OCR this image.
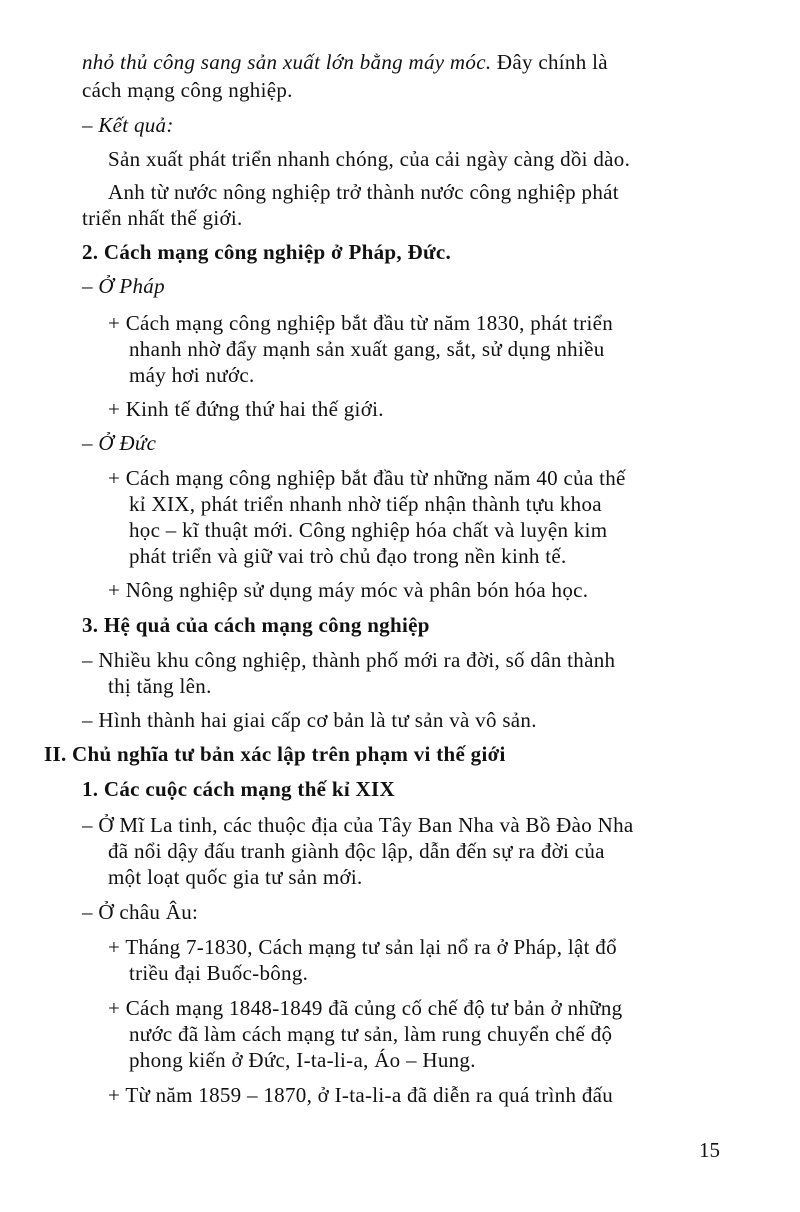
nhỏ thủ công sang sản xuất lớn bằng máy móc. Đây chính là
cách mạng công nghiệp.
– Kết quả:
Sản xuất phát triển nhanh chóng, của cải ngày càng dồi dào.
Anh từ nước nông nghiệp trở thành nước công nghiệp phát
triển nhất thế giới.
2. Cách mạng công nghiệp ở Pháp, Đức.
– Ở Pháp
+ Cách mạng công nghiệp bắt đầu từ năm 1830, phát triển
nhanh nhờ đẩy mạnh sản xuất gang, sắt, sử dụng nhiều
máy hơi nước.
+ Kinh tế đứng thứ hai thế giới.
– Ở Đức
+ Cách mạng công nghiệp bắt đầu từ những năm 40 của thế
kỉ XIX, phát triển nhanh nhờ tiếp nhận thành tựu khoa
học – kĩ thuật mới. Công nghiệp hóa chất và luyện kim
phát triển và giữ vai trò chủ đạo trong nền kinh tế.
+ Nông nghiệp sử dụng máy móc và phân bón hóa học.
3. Hệ quả của cách mạng công nghiệp
– Nhiều khu công nghiệp, thành phố mới ra đời, số dân thành
thị tăng lên.
– Hình thành hai giai cấp cơ bản là tư sản và vô sản.
II. Chủ nghĩa tư bản xác lập trên phạm vi thế giới
1. Các cuộc cách mạng thế kỉ XIX
– Ở Mĩ La tinh, các thuộc địa của Tây Ban Nha và Bồ Đào Nha
đã nổi dậy đấu tranh giành độc lập, dẫn đến sự ra đời của
một loạt quốc gia tư sản mới.
– Ở châu Âu:
+ Tháng 7-1830, Cách mạng tư sản lại nổ ra ở Pháp, lật đổ
triều đại Buốc-bông.
+ Cách mạng 1848-1849 đã củng cố chế độ tư bản ở những
nước đã làm cách mạng tư sản, làm rung chuyển chế độ
phong kiến ở Đức, I-ta-li-a, Áo – Hung.
+ Từ năm 1859 – 1870, ở I-ta-li-a đã diễn ra quá trình đấu
15
